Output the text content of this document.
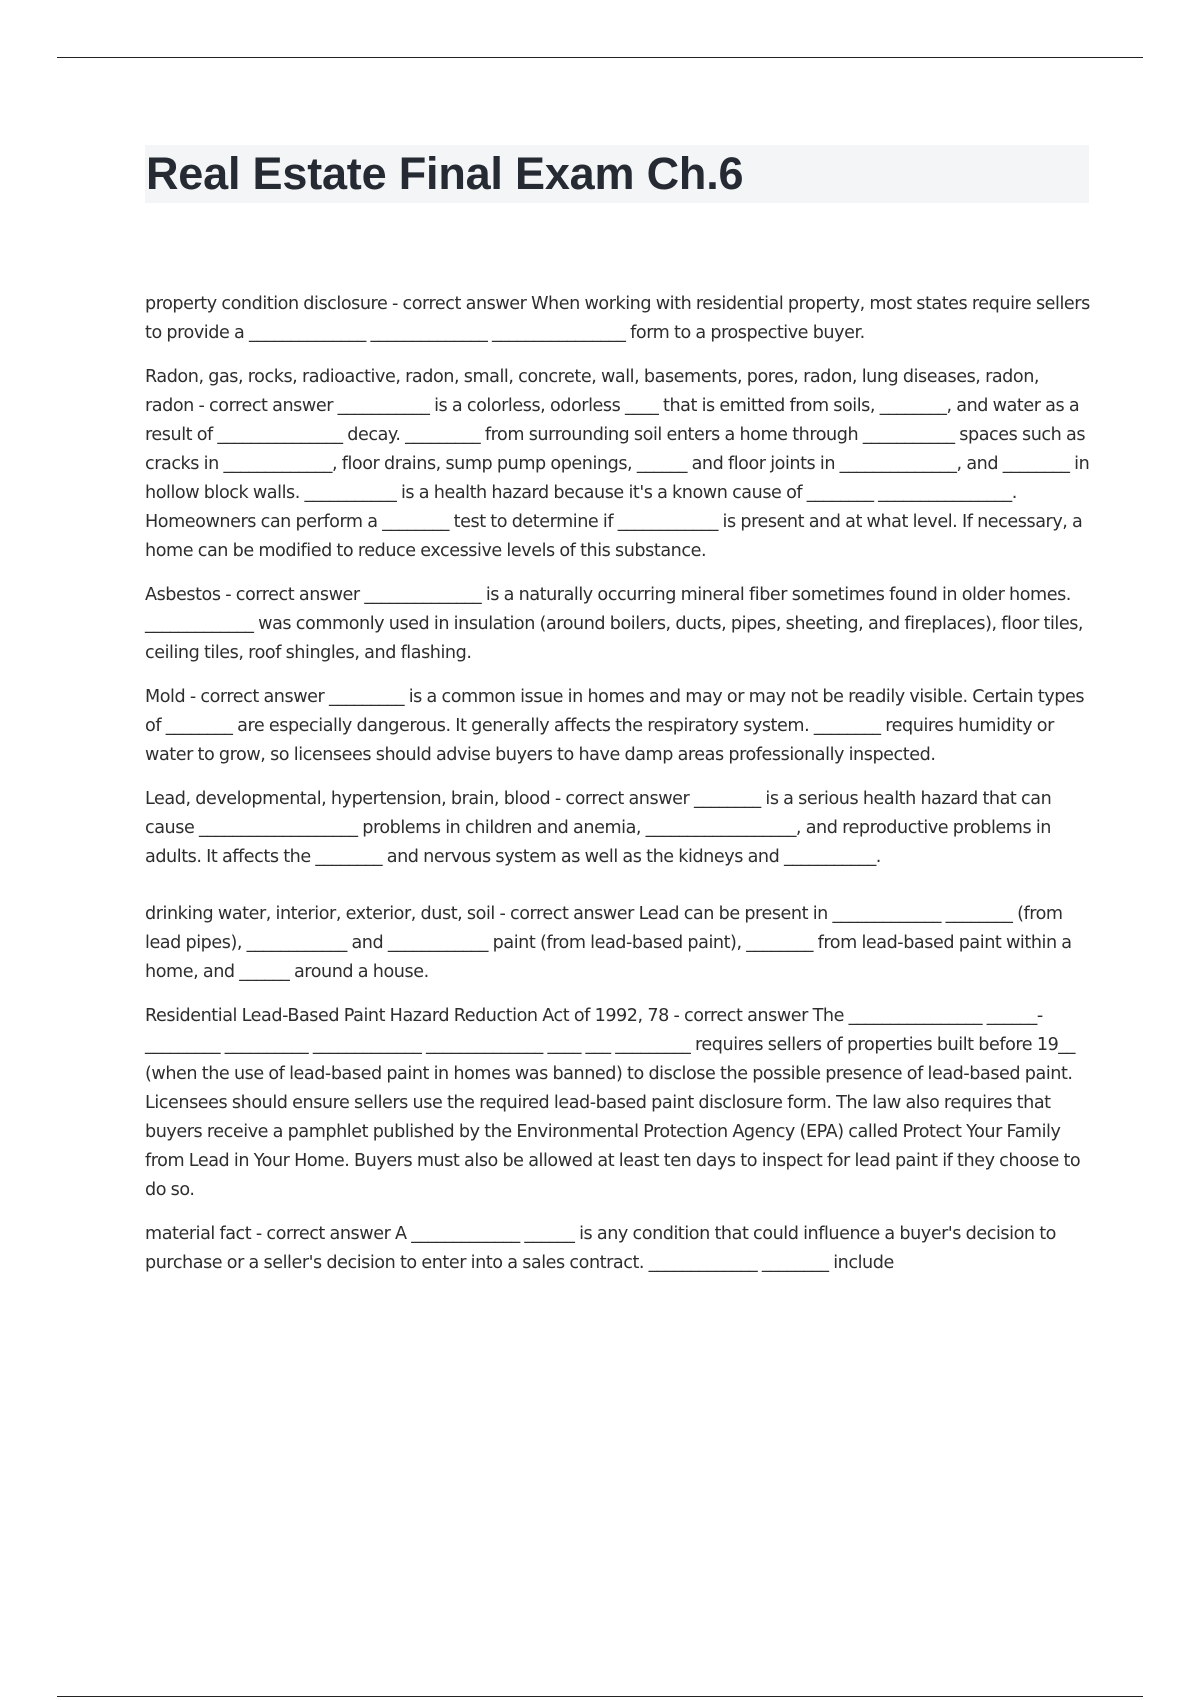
Real Estate Final Exam Ch.6

property condition disclosure - correct answer When working with residential property, most states require sellers to provide a ______________ ______________ ________________ form to a prospective buyer.

Radon, gas, rocks, radioactive, radon, small, concrete, wall, basements, pores, radon, lung diseases, radon, radon - correct answer ___________ is a colorless, odorless ____ that is emitted from soils, ________, and water as a result of _______________ decay. _________ from surrounding soil enters a home through ___________ spaces such as cracks in _____________, floor drains, sump pump openings, ______ and floor joints in ______________, and ________ in hollow block walls. ___________ is a health hazard because it's a known cause of ________ ________________. Homeowners can perform a ________ test to determine if ____________ is present and at what level. If necessary, a home can be modified to reduce excessive levels of this substance.

Asbestos - correct answer ______________ is a naturally occurring mineral fiber sometimes found in older homes. _____________ was commonly used in insulation (around boilers, ducts, pipes, sheeting, and fireplaces), floor tiles, ceiling tiles, roof shingles, and flashing.

Mold - correct answer _________ is a common issue in homes and may or may not be readily visible. Certain types of ________ are especially dangerous. It generally affects the respiratory system. ________ requires humidity or water to grow, so licensees should advise buyers to have damp areas professionally inspected.

Lead, developmental, hypertension, brain, blood - correct answer ________ is a serious health hazard that can cause ___________________ problems in children and anemia, __________________, and reproductive problems in adults. It affects the ________ and nervous system as well as the kidneys and ___________.

drinking water, interior, exterior, dust, soil - correct answer Lead can be present in _____________ ________ (from lead pipes), ____________ and ____________ paint (from lead-based paint), ________ from lead-based paint within a home, and ______ around a house.

Residential Lead-Based Paint Hazard Reduction Act of 1992, 78 - correct answer The ________________ ______-_________ __________ _____________ ______________ ____ ___ _________ requires sellers of properties built before 19__ (when the use of lead-based paint in homes was banned) to disclose the possible presence of lead-based paint. Licensees should ensure sellers use the required lead-based paint disclosure form. The law also requires that buyers receive a pamphlet published by the Environmental Protection Agency (EPA) called Protect Your Family from Lead in Your Home. Buyers must also be allowed at least ten days to inspect for lead paint if they choose to do so.

material fact - correct answer A _____________ ______ is any condition that could influence a buyer's decision to purchase or a seller's decision to enter into a sales contract. _____________ ________ include
